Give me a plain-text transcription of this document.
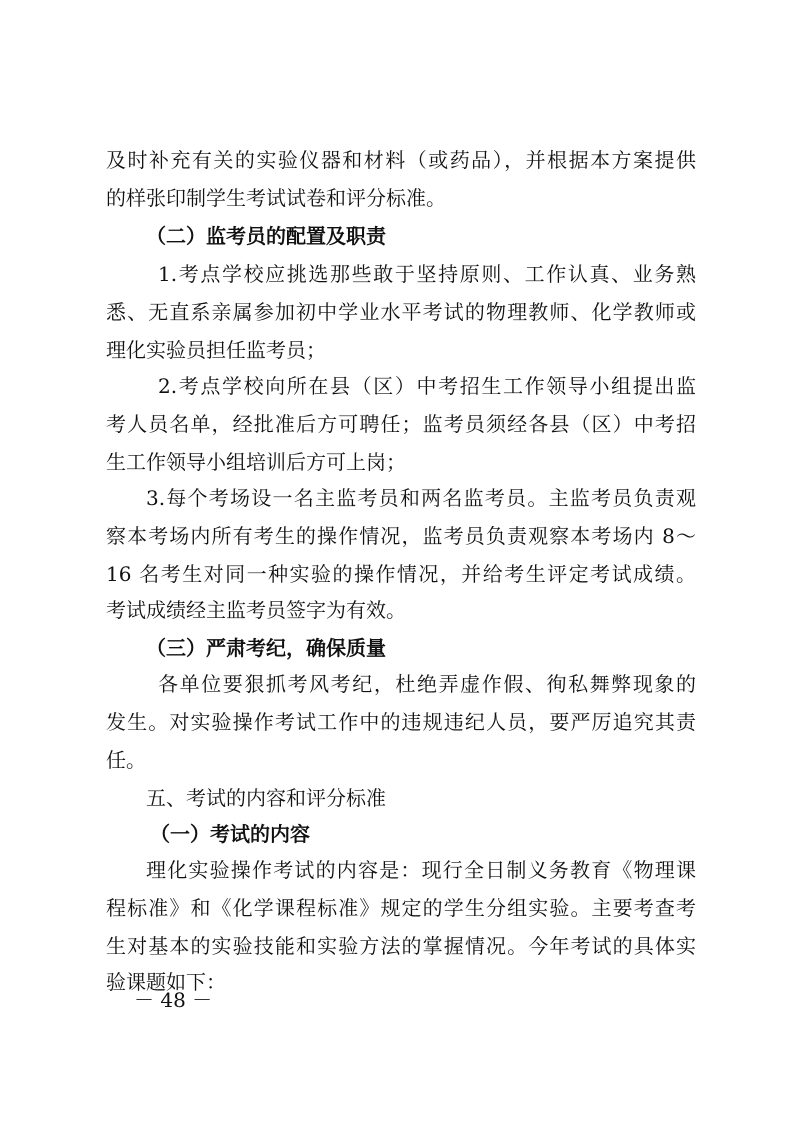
及时补充有关的实验仪器和材料（或药品），并根据本方案提供
的样张印制学生考试试卷和评分标准。
（二）监考员的配置及职责
1.考点学校应挑选那些敢于坚持原则、工作认真、业务熟
悉、无直系亲属参加初中学业水平考试的物理教师、化学教师或
理化实验员担任监考员；
2.考点学校向所在县（区）中考招生工作领导小组提出监
考人员名单，经批准后方可聘任；监考员须经各县（区）中考招
生工作领导小组培训后方可上岗；
3.每个考场设一名主监考员和两名监考员。主监考员负责观
察本考场内所有考生的操作情况，监考员负责观察本考场内 8～
16 名考生对同一种实验的操作情况，并给考生评定考试成绩。
考试成绩经主监考员签字为有效。
（三）严肃考纪，确保质量
各单位要狠抓考风考纪，杜绝弄虚作假、徇私舞弊现象的
发生。对实验操作考试工作中的违规违纪人员，要严厉追究其责
任。
五、考试的内容和评分标准
（一）考试的内容
理化实验操作考试的内容是：现行全日制义务教育《物理课
程标准》和《化学课程标准》规定的学生分组实验。主要考查考
生对基本的实验技能和实验方法的掌握情况。今年考试的具体实
验课题如下：
－ 48 －
